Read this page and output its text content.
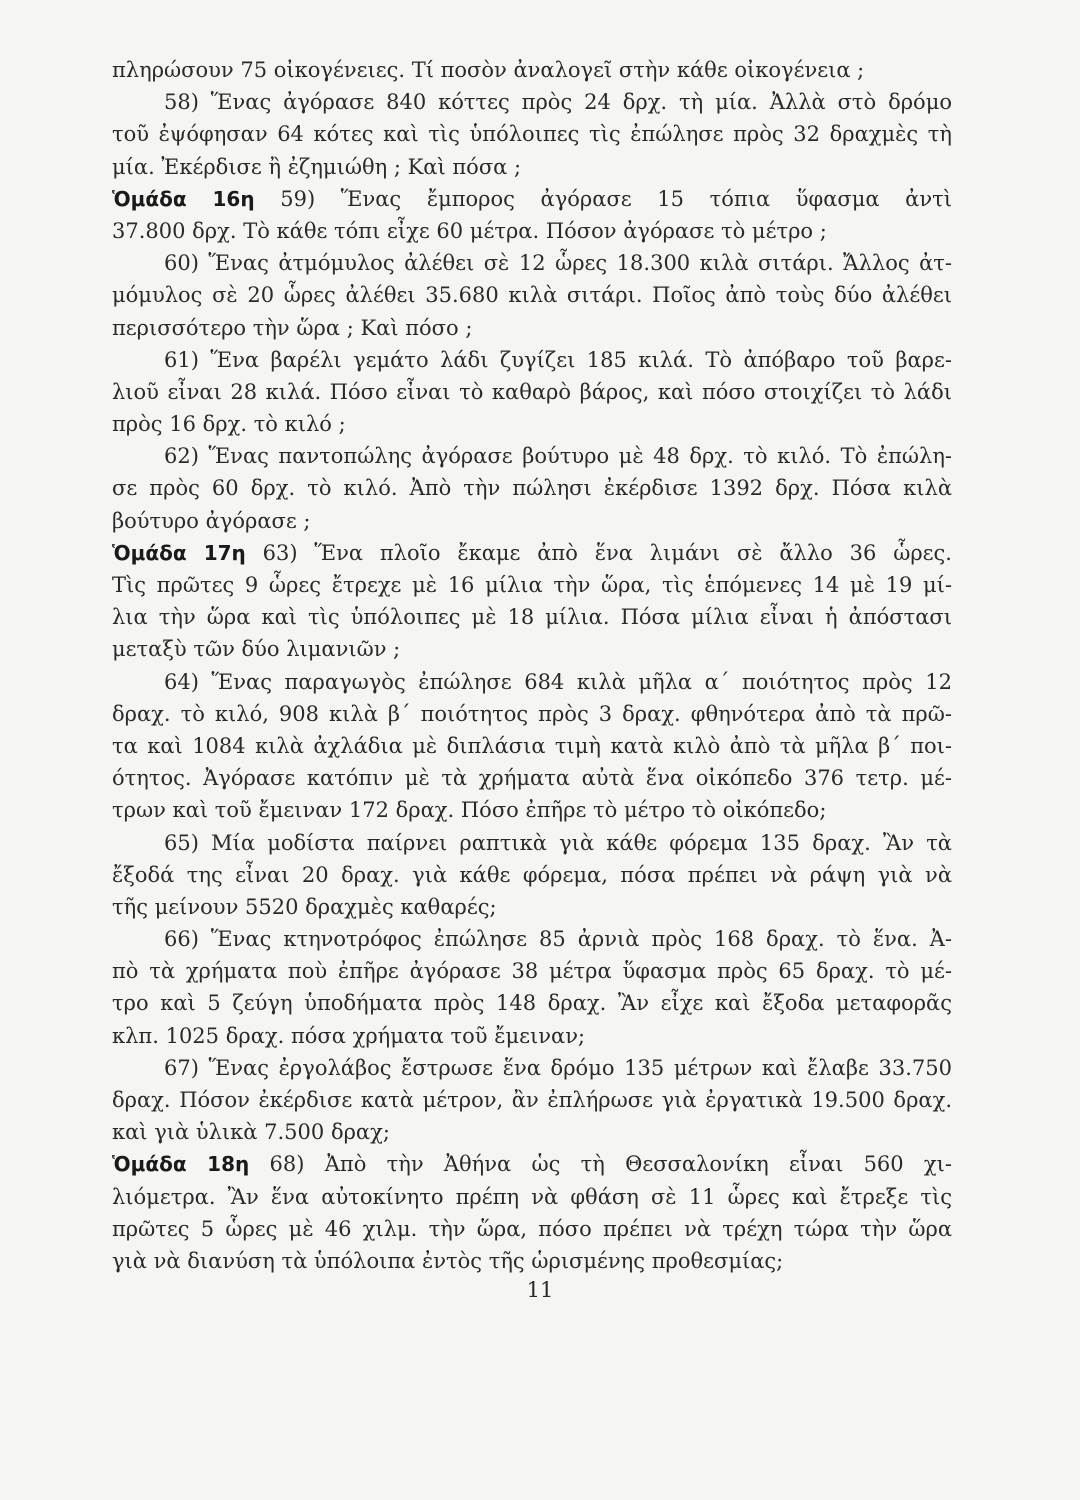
πληρώσουν 75 οἰκογένειες. Τί ποσὸν ἀναλογεῖ στὴν κάθε οἰκογένεια ;
58) Ἕνας ἀγόρασε 840 κόττες πρὸς 24 δρχ. τὴ μία. Ἀλλὰ στὸ δρόμο
τοῦ ἐψόφησαν 64 κότες καὶ τὶς ὑπόλοιπες τὶς ἐπώλησε πρὸς 32 δραχμὲς τὴ
μία. Ἐκέρδισε ἢ ἐζημιώθη ; Καὶ πόσα ;
Ὁμάδα 16η 59) Ἕνας ἔμπορος ἀγόρασε 15 τόπια ὕφασμα ἀντὶ
37.800 δρχ. Τὸ κάθε τόπι εἶχε 60 μέτρα. Πόσον ἀγόρασε τὸ μέτρο ;
60) Ἕνας ἀτμόμυλος ἀλέθει σὲ 12 ὧρες 18.300 κιλὰ σιτάρι. Ἄλλος ἀτ-
μόμυλος σὲ 20 ὧρες ἀλέθει 35.680 κιλὰ σιτάρι. Ποῖος ἀπὸ τοὺς δύο ἀλέθει
περισσότερο τὴν ὥρα ; Καὶ πόσο ;
61) Ἕνα βαρέλι γεμάτο λάδι ζυγίζει 185 κιλά. Τὸ ἀπόβαρο τοῦ βαρε-
λιοῦ εἶναι 28 κιλά. Πόσο εἶναι τὸ καθαρὸ βάρος, καὶ πόσο στοιχίζει τὸ λάδι
πρὸς 16 δρχ. τὸ κιλό ;
62) Ἕνας παντοπώλης ἀγόρασε βούτυρο μὲ 48 δρχ. τὸ κιλό. Τὸ ἐπώλη-
σε πρὸς 60 δρχ. τὸ κιλό. Ἀπὸ τὴν πώλησι ἐκέρδισε 1392 δρχ. Πόσα κιλὰ
βούτυρο ἀγόρασε ;
Ὁμάδα 17η 63) Ἕνα πλοῖο ἔκαμε ἀπὸ ἕνα λιμάνι σὲ ἄλλο 36 ὧρες.
Τὶς πρῶτες 9 ὧρες ἔτρεχε μὲ 16 μίλια τὴν ὥρα, τὶς ἑπόμενες 14 μὲ 19 μί-
λια τὴν ὥρα καὶ τὶς ὑπόλοιπες μὲ 18 μίλια. Πόσα μίλια εἶναι ἡ ἀπόστασι
μεταξὺ τῶν δύο λιμανιῶν ;
64) Ἕνας παραγωγὸς ἐπώλησε 684 κιλὰ μῆλα α΄ ποιότητος πρὸς 12
δραχ. τὸ κιλό, 908 κιλὰ β΄ ποιότητος πρὸς 3 δραχ. φθηνότερα ἀπὸ τὰ πρῶ-
τα καὶ 1084 κιλὰ ἀχλάδια μὲ διπλάσια τιμὴ κατὰ κιλὸ ἀπὸ τὰ μῆλα β΄ ποι-
ότητος. Ἀγόρασε κατόπιν μὲ τὰ χρήματα αὐτὰ ἕνα οἰκόπεδο 376 τετρ. μέ-
τρων καὶ τοῦ ἔμειναν 172 δραχ. Πόσο ἐπῆρε τὸ μέτρο τὸ οἰκόπεδο;
65) Μία μοδίστα παίρνει ραπτικὰ γιὰ κάθε φόρεμα 135 δραχ. Ἂν τὰ
ἔξοδά της εἶναι 20 δραχ. γιὰ κάθε φόρεμα, πόσα πρέπει νὰ ράψη γιὰ νὰ
τῆς μείνουν 5520 δραχμὲς καθαρές;
66) Ἕνας κτηνοτρόφος ἐπώλησε 85 ἀρνιὰ πρὸς 168 δραχ. τὸ ἕνα. Ἀ-
πὸ τὰ χρήματα ποὺ ἐπῆρε ἀγόρασε 38 μέτρα ὕφασμα πρὸς 65 δραχ. τὸ μέ-
τρο καὶ 5 ζεύγη ὑποδήματα πρὸς 148 δραχ. Ἂν εἶχε καὶ ἔξοδα μεταφορᾶς
κλπ. 1025 δραχ. πόσα χρήματα τοῦ ἔμειναν;
67) Ἕνας ἐργολάβος ἔστρωσε ἕνα δρόμο 135 μέτρων καὶ ἔλαβε 33.750
δραχ. Πόσον ἐκέρδισε κατὰ μέτρον, ἂν ἐπλήρωσε γιὰ ἐργατικὰ 19.500 δραχ.
καὶ γιὰ ὑλικὰ 7.500 δραχ;
Ὁμάδα 18η 68) Ἀπὸ τὴν Ἀθήνα ὡς τὴ Θεσσαλονίκη εἶναι 560 χι-
λιόμετρα. Ἂν ἕνα αὐτοκίνητο πρέπη νὰ φθάση σὲ 11 ὧρες καὶ ἔτρεξε τὶς
πρῶτες 5 ὧρες μὲ 46 χιλμ. τὴν ὥρα, πόσο πρέπει νὰ τρέχη τώρα τὴν ὥρα
γιὰ νὰ διανύση τὰ ὑπόλοιπα ἐντὸς τῆς ὡρισμένης προθεσμίας;
11
